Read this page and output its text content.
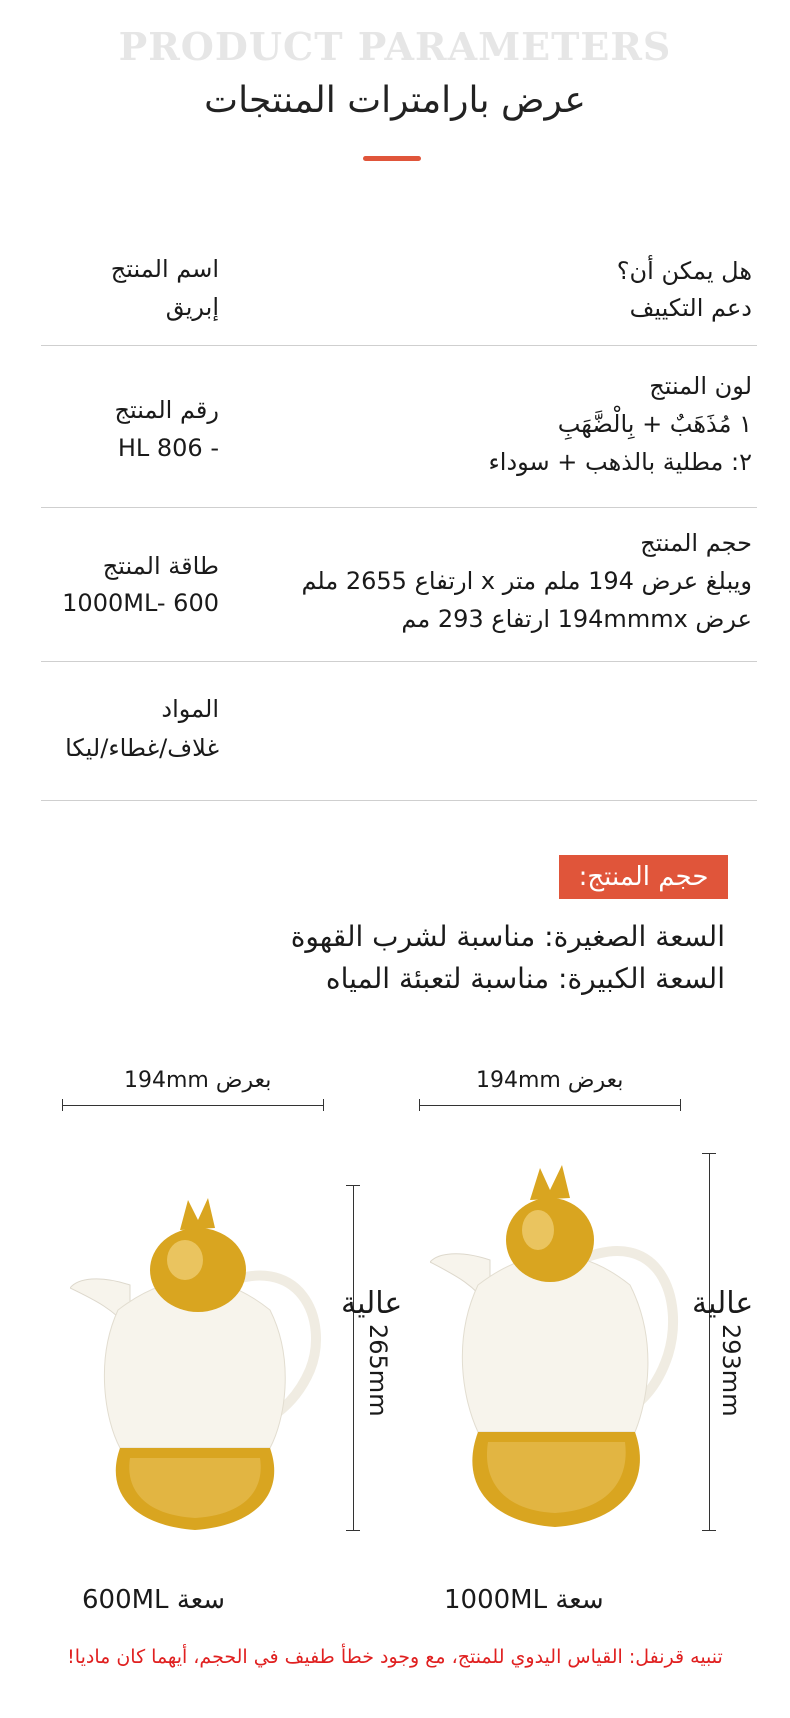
PRODUCT PARAMETERS
عرض بارامترات المنتجات
اسم المنتج
إبريق
هل يمكن أن؟
دعم التكييف
رقم المنتج
HL 806 -
لون المنتج
١ مُذَهَبٌ + بِالْضَّهَبِ
٢: مطلية بالذهب + سوداء
طاقة المنتج
1000ML- 600
حجم المنتج
ويبلغ عرض 194 ملم متر x ارتفاع 2655 ملم
عرض 194mmmx ارتفاع 293 مم
المواد
غلاف/غطاء/ليكا
حجم المنتج:
السعة الصغيرة: مناسبة لشرب القهوة
السعة الكبيرة: مناسبة لتعبئة المياه
194mm بعرض
عالية
265mm
600ML سعة
194mm بعرض
عالية
293mm
1000ML سعة
تنبيه قرنفل: القياس اليدوي للمنتج، مع وجود خطأ طفيف في الحجم، أيهما كان ماديا!
